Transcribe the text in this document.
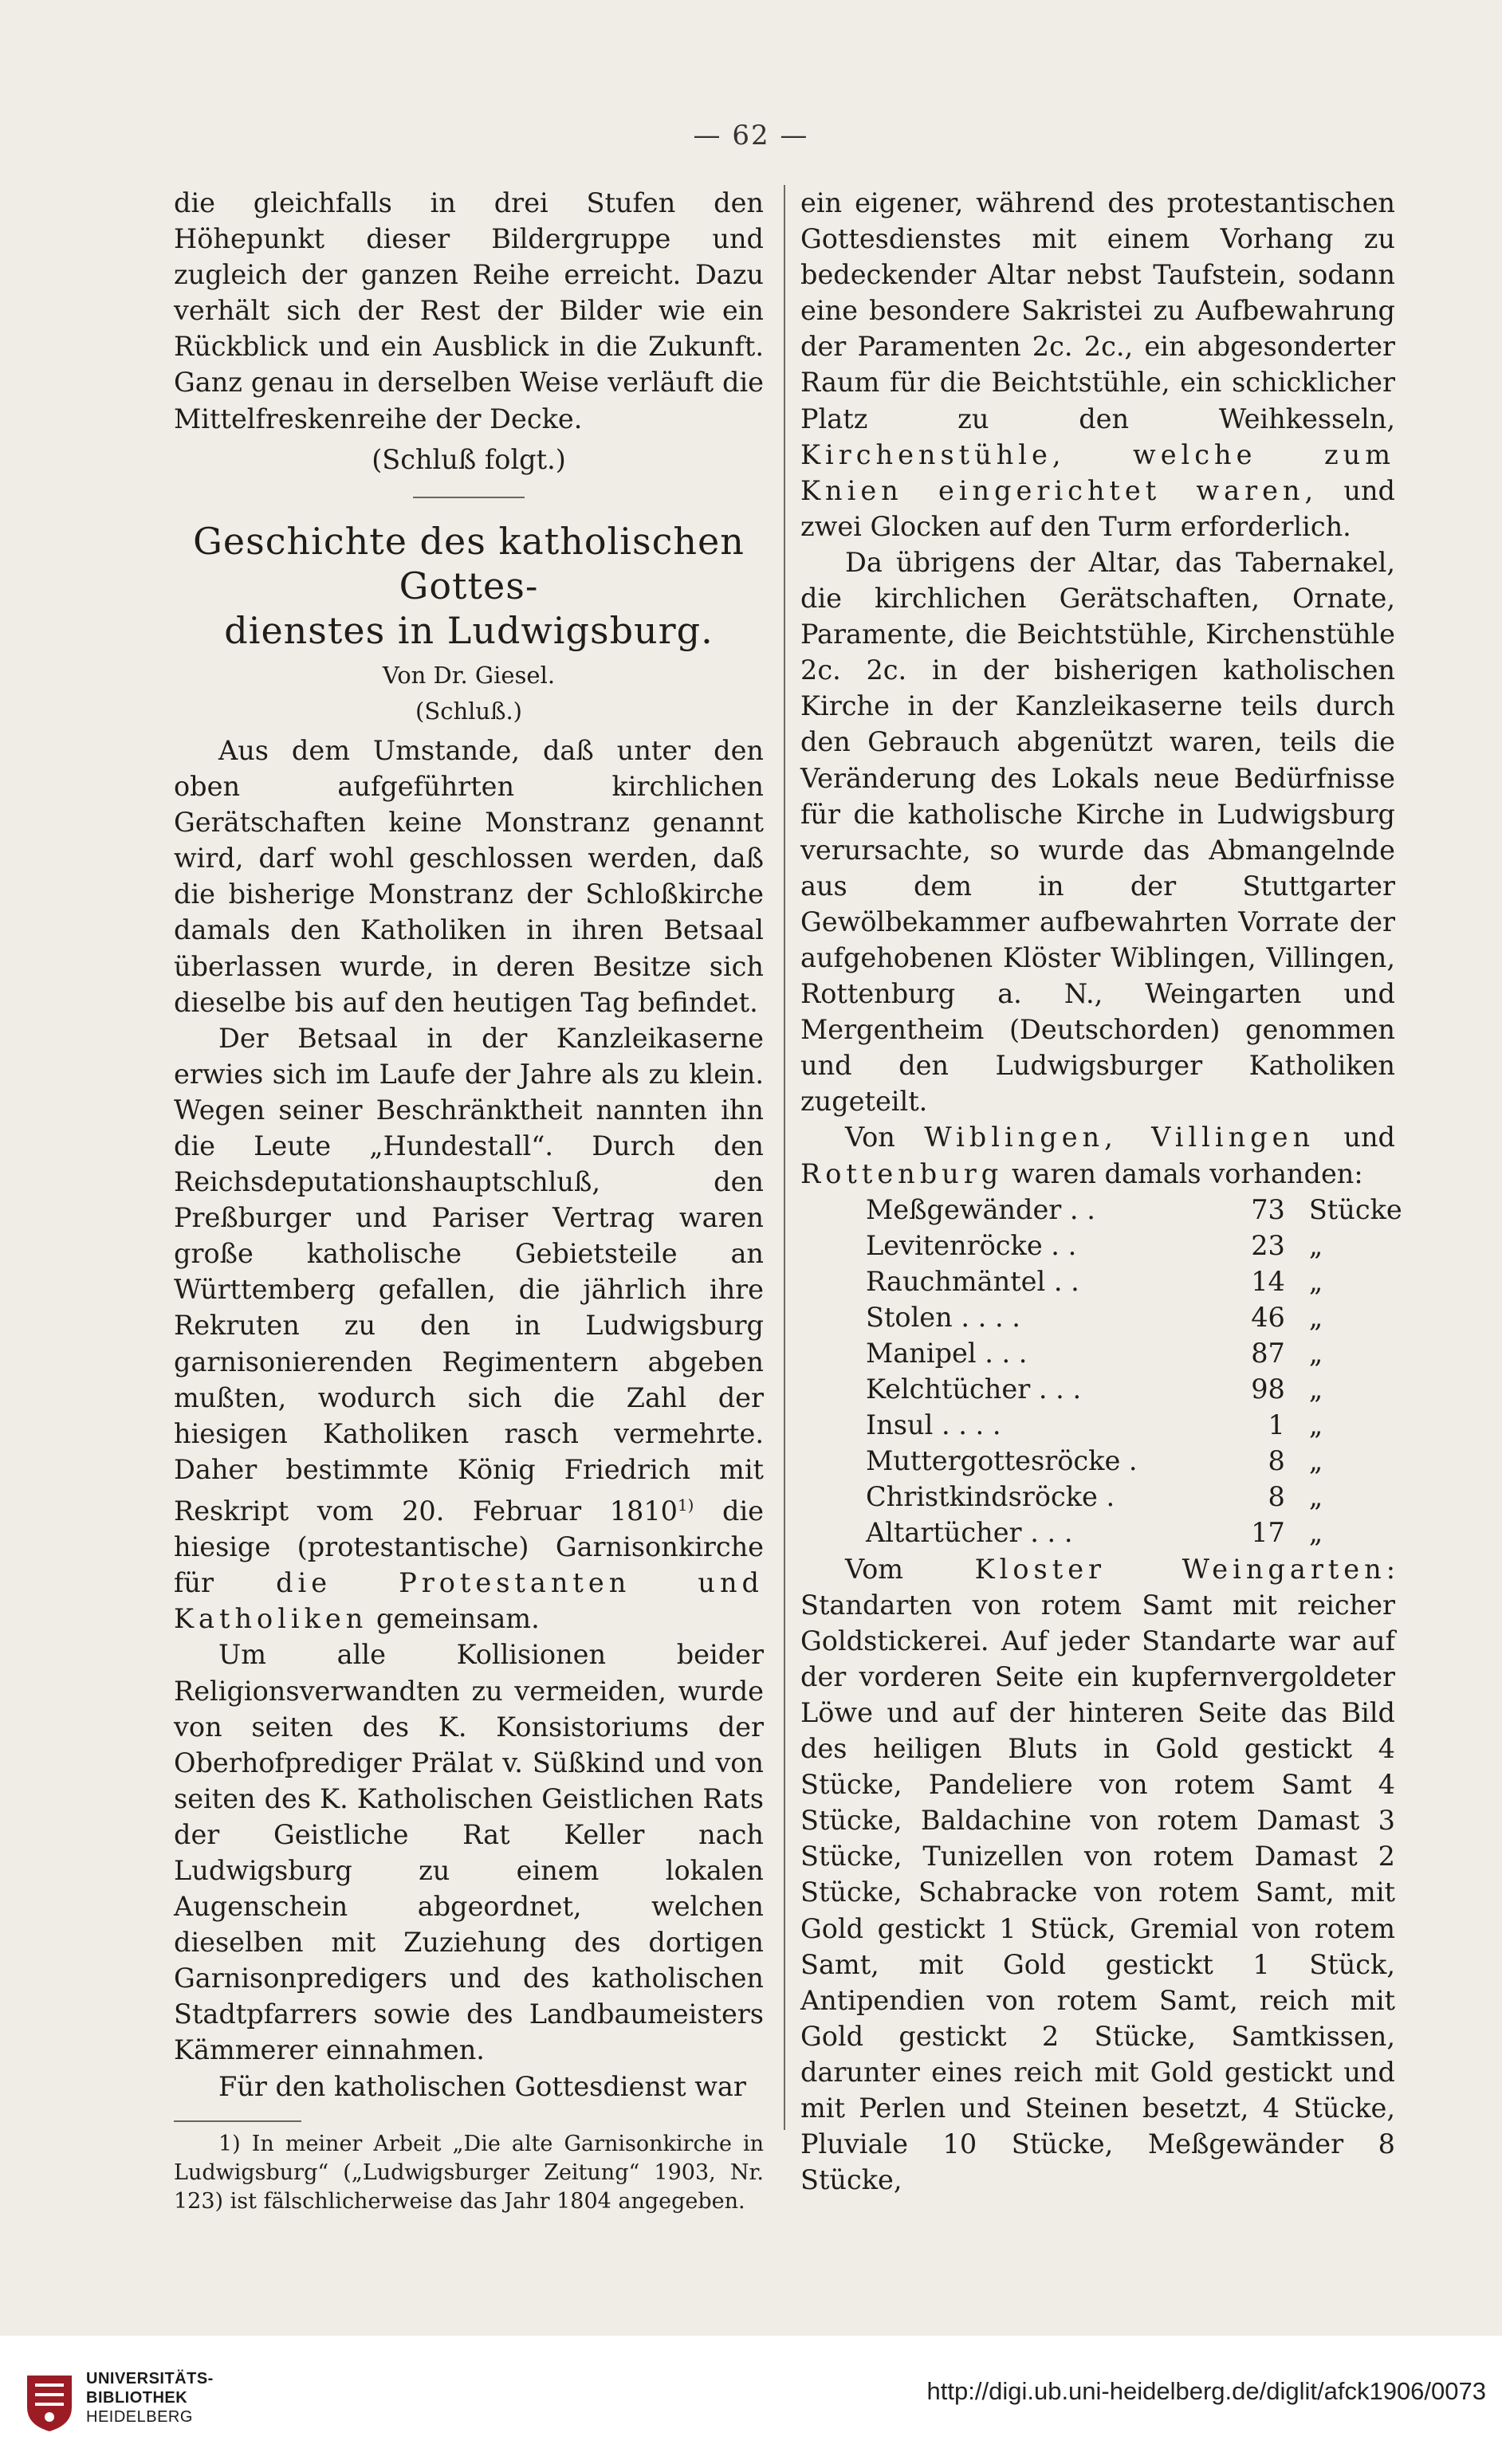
— 62 —

die gleichfalls in drei Stufen den Höhepunkt dieser Bildergruppe und zugleich der ganzen Reihe erreicht. Dazu verhält sich der Rest der Bilder wie ein Rückblick und ein Ausblick in die Zukunft. Ganz genau in derselben Weise verläuft die Mittelfreskenreihe der Decke.

(Schluß folgt.)

Geschichte des katholischen Gottes-
dienstes in Ludwigsburg.
Von Dr. Giesel.
(Schluß.)

Aus dem Umstande, daß unter den oben aufgeführten kirchlichen Gerätschaften keine Monstranz genannt wird, darf wohl geschlossen werden, daß die bisherige Monstranz der Schloßkirche damals den Katholiken in ihren Betsaal überlassen wurde, in deren Besitze sich dieselbe bis auf den heutigen Tag befindet.

Der Betsaal in der Kanzleikaserne erwies sich im Laufe der Jahre als zu klein. Wegen seiner Beschränktheit nannten ihn die Leute „Hundestall“. Durch den Reichsdeputationshauptschluß, den Preßburger und Pariser Vertrag waren große katholische Gebietsteile an Württemberg gefallen, die jährlich ihre Rekruten zu den in Ludwigsburg garnisonierenden Regimentern abgeben mußten, wodurch sich die Zahl der hiesigen Katholiken rasch vermehrte. Daher bestimmte König Friedrich mit Reskript vom 20. Februar 1810$^{1)}$ die hiesige (protestantische) Garnisonkirche für die Protestanten und Katholiken gemeinsam.

Um alle Kollisionen beider Religionsverwandten zu vermeiden, wurde von seiten des K. Konsistoriums der Oberhofprediger Prälat v. Süßkind und von seiten des K. Katholischen Geistlichen Rats der Geistliche Rat Keller nach Ludwigsburg zu einem lokalen Augenschein abgeordnet, welchen dieselben mit Zuziehung des dortigen Garnisonpredigers und des katholischen Stadtpfarrers sowie des Landbaumeisters Kämmerer einnahmen.

Für den katholischen Gottesdienst war

1) In meiner Arbeit „Die alte Garnisonkirche in Ludwigsburg“ („Ludwigsburger Zeitung“ 1903, Nr. 123) ist fälschlicherweise das Jahr 1804 angegeben.

ein eigener, während des protestantischen Gottesdienstes mit einem Vorhang zu bedeckender Altar nebst Taufstein, sodann eine besondere Sakristei zu Aufbewahrung der Paramenten 2c. 2c., ein abgesonderter Raum für die Beichtstühle, ein schicklicher Platz zu den Weihkesseln, Kirchenstühle, welche zum Knien eingerichtet waren, und zwei Glocken auf den Turm erforderlich.

Da übrigens der Altar, das Tabernakel, die kirchlichen Gerätschaften, Ornate, Paramente, die Beichtstühle, Kirchenstühle 2c. 2c. in der bisherigen katholischen Kirche in der Kanzleikaserne teils durch den Gebrauch abgenützt waren, teils die Veränderung des Lokals neue Bedürfnisse für die katholische Kirche in Ludwigsburg verursachte, so wurde das Abmangelnde aus dem in der Stuttgarter Gewölbekammer aufbewahrten Vorrate der aufgehobenen Klöster Wiblingen, Villingen, Rottenburg a. N., Weingarten und Mergentheim (Deutschorden) genommen und den Ludwigsburger Katholiken zugeteilt.

Von Wiblingen, Villingen und Rottenburg waren damals vorhanden:

Meßgewänder . .	73	Stücke
Levitenröcke . .	23	„
Rauchmäntel . .	14	„
Stolen . . . .	46	„
Manipel . . .	87	„
Kelchtücher . . .	98	„
Insul . . . .	1	„
Muttergottesröcke .	8	„
Christkindsröcke .	8	„
Altartücher . . .	17	„

Vom Kloster Weingarten: Standarten von rotem Samt mit reicher Goldstickerei. Auf jeder Standarte war auf der vorderen Seite ein kupfernvergoldeter Löwe und auf der hinteren Seite das Bild des heiligen Bluts in Gold gestickt 4 Stücke, Pandeliere von rotem Samt 4 Stücke, Baldachine von rotem Damast 3 Stücke, Tunizellen von rotem Damast 2 Stücke, Schabracke von rotem Samt, mit Gold gestickt 1 Stück, Gremial von rotem Samt, mit Gold gestickt 1 Stück, Antipendien von rotem Samt, reich mit Gold gestickt 2 Stücke, Samtkissen, darunter eines reich mit Gold gestickt und mit Perlen und Steinen besetzt, 4 Stücke, Pluviale 10 Stücke, Meßgewänder 8 Stücke,

UNIVERSITÄTS-
BIBLIOTHEK
HEIDELBERG
http://digi.ub.uni-heidelberg.de/diglit/afck1906/0073
